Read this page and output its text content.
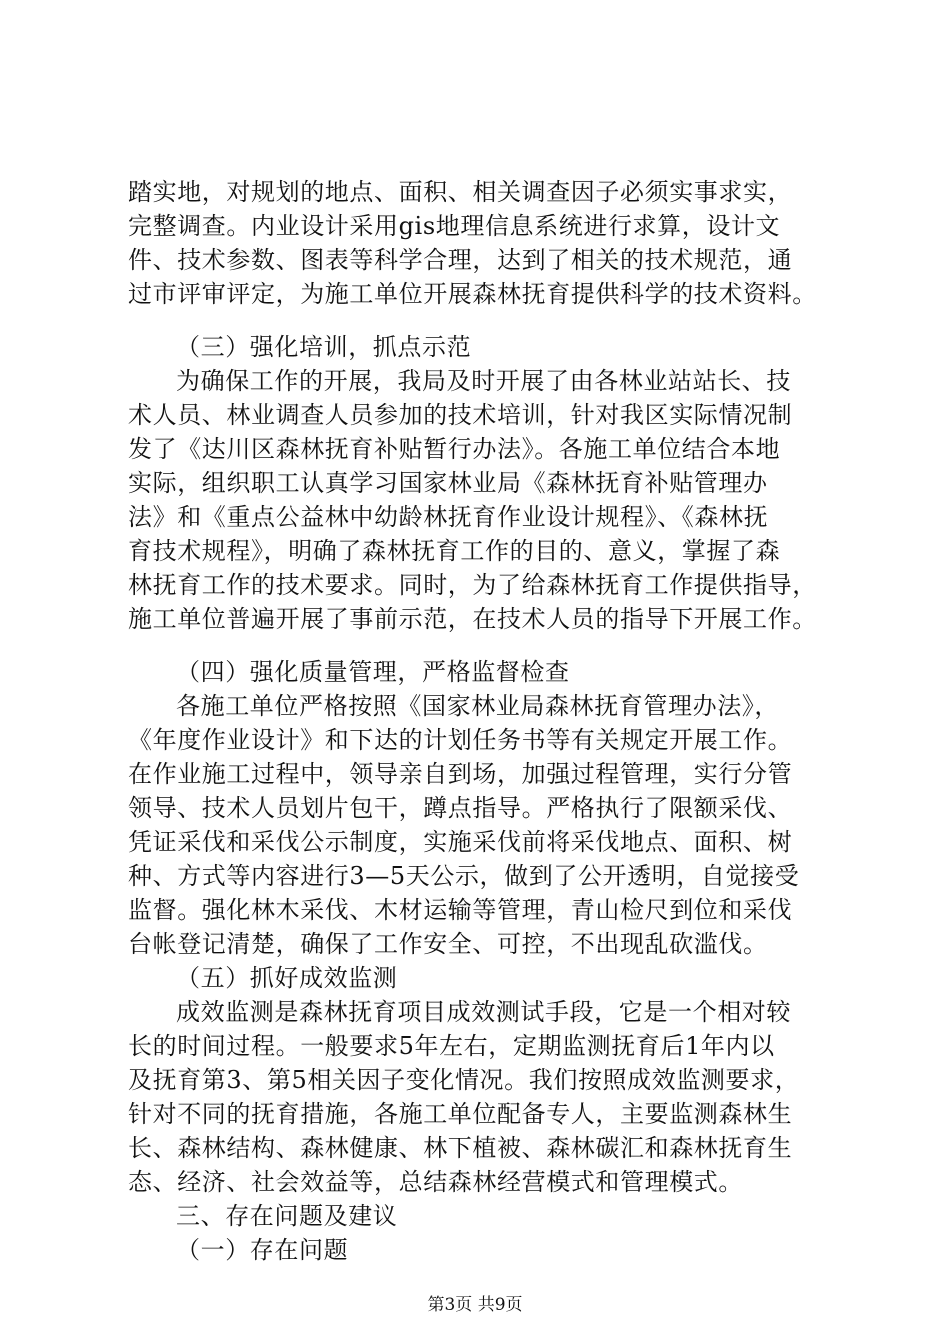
踏实地，对规划的地点、面积、相关调查因子必须实事求实，
完整调查。内业设计采用gis地理信息系统进行求算，设计文
件、技术参数、图表等科学合理，达到了相关的技术规范，通
过市评审评定，为施工单位开展森林抚育提供科学的技术资料。
（三）强化培训，抓点示范
为确保工作的开展，我局及时开展了由各林业站站长、技
术人员、林业调查人员参加的技术培训，针对我区实际情况制
发了《达川区森林抚育补贴暂行办法》。各施工单位结合本地
实际，组织职工认真学习国家林业局《森林抚育补贴管理办
法》和《重点公益林中幼龄林抚育作业设计规程》、《森林抚
育技术规程》，明确了森林抚育工作的目的、意义，掌握了森
林抚育工作的技术要求。同时，为了给森林抚育工作提供指导，
施工单位普遍开展了事前示范，在技术人员的指导下开展工作。
（四）强化质量管理，严格监督检查
各施工单位严格按照《国家林业局森林抚育管理办法》，
《年度作业设计》和下达的计划任务书等有关规定开展工作。
在作业施工过程中，领导亲自到场，加强过程管理，实行分管
领导、技术人员划片包干，蹲点指导。严格执行了限额采伐、
凭证采伐和采伐公示制度，实施采伐前将采伐地点、面积、树
种、方式等内容进行3—5天公示，做到了公开透明，自觉接受
监督。强化林木采伐、木材运输等管理，青山检尺到位和采伐
台帐登记清楚，确保了工作安全、可控，不出现乱砍滥伐。
（五）抓好成效监测
成效监测是森林抚育项目成效测试手段，它是一个相对较
长的时间过程。一般要求5年左右，定期监测抚育后1年内以
及抚育第3、第5相关因子变化情况。我们按照成效监测要求，
针对不同的抚育措施，各施工单位配备专人，主要监测森林生
长、森林结构、森林健康、林下植被、森林碳汇和森林抚育生
态、经济、社会效益等，总结森林经营模式和管理模式。
三、存在问题及建议
（一）存在问题
第3页 共9页
